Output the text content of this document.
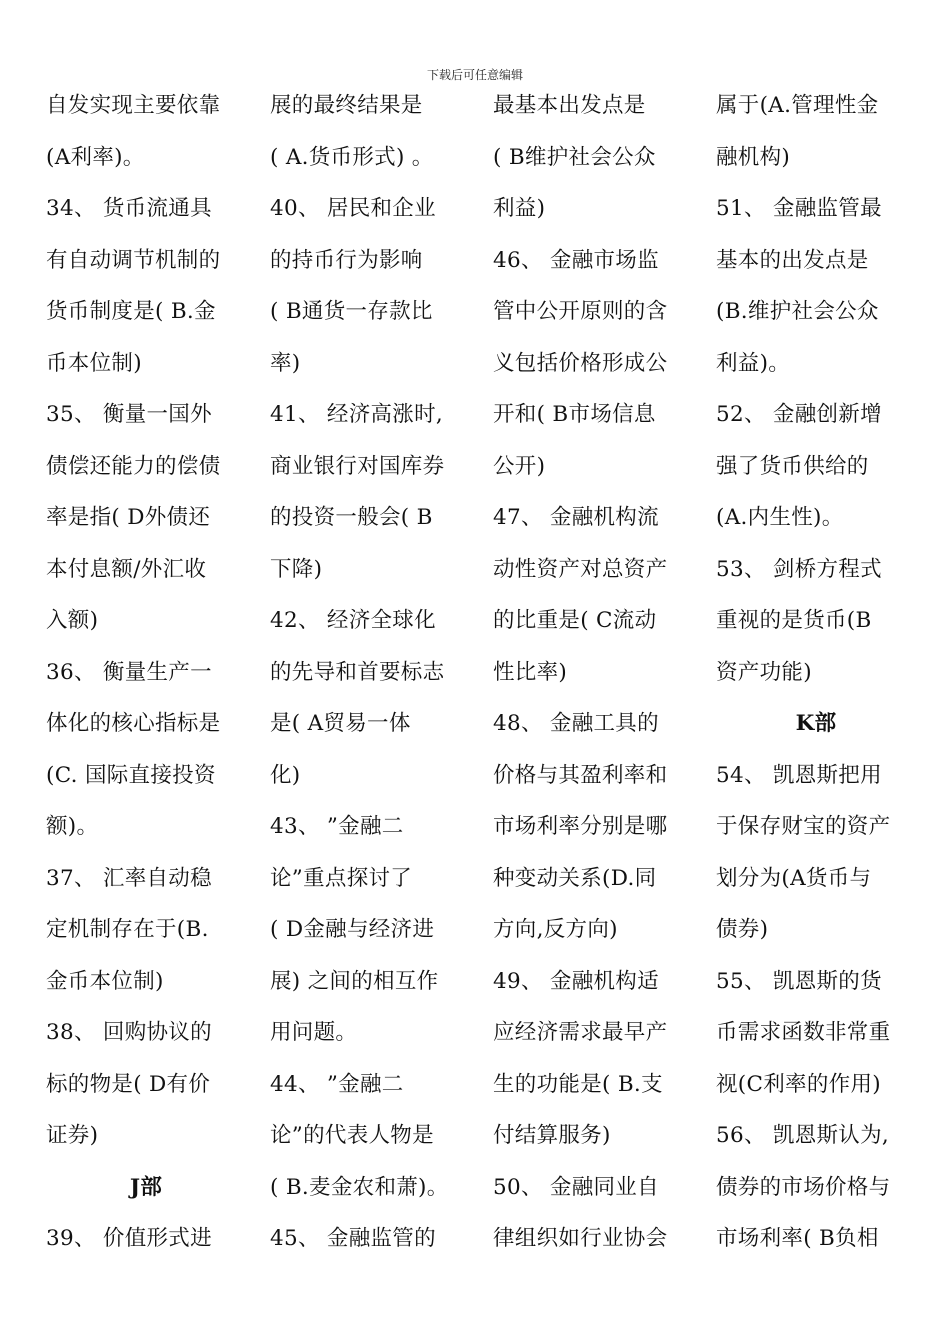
下载后可任意编辑
自发实现主要依靠
(A利率)。
34、 货币流通具
有自动调节机制的
货币制度是( B.金
币本位制)
35、 衡量一国外
债偿还能力的偿债
率是指( D外债还
本付息额/外汇收
入额)
36、 衡量生产一
体化的核心指标是
(C. 国际直接投资
额)。
37、 汇率自动稳
定机制存在于(B.
金币本位制)
38、 回购协议的
标的物是( D有价
证券)
J部
39、 价值形式进
展的最终结果是
( A.货币形式) 。
40、 居民和企业
的持币行为影响
( B通货一存款比
率)
41、 经济高涨时,
商业银行对国库券
的投资一般会( B
下降)
42、 经济全球化
的先导和首要标志
是( A贸易一体
化)
43、 ”金融二
论”重点探讨了
( D金融与经济进
展) 之间的相互作
用问题。
44、 ”金融二
论”的代表人物是
( B.麦金农和萧)。
45、 金融监管的
最基本出发点是
( B维护社会公众
利益)
46、 金融市场监
管中公开原则的含
义包括价格形成公
开和( B市场信息
公开)
47、 金融机构流
动性资产对总资产
的比重是( C流动
性比率)
48、 金融工具的
价格与其盈利率和
市场利率分别是哪
种变动关系(D.同
方向,反方向)
49、 金融机构适
应经济需求最早产
生的功能是( B.支
付结算服务)
50、 金融同业自
律组织如行业协会
属于(A.管理性金
融机构)
51、 金融监管最
基本的出发点是
(B.维护社会公众
利益)。
52、 金融创新增
强了货币供给的
(A.内生性)。
53、 剑桥方程式
重视的是货币(B
资产功能)
K部
54、 凯恩斯把用
于保存财宝的资产
划分为(A货币与
债券)
55、 凯恩斯的货
币需求函数非常重
视(C利率的作用)
56、 凯恩斯认为,
债券的市场价格与
市场利率( B负相
